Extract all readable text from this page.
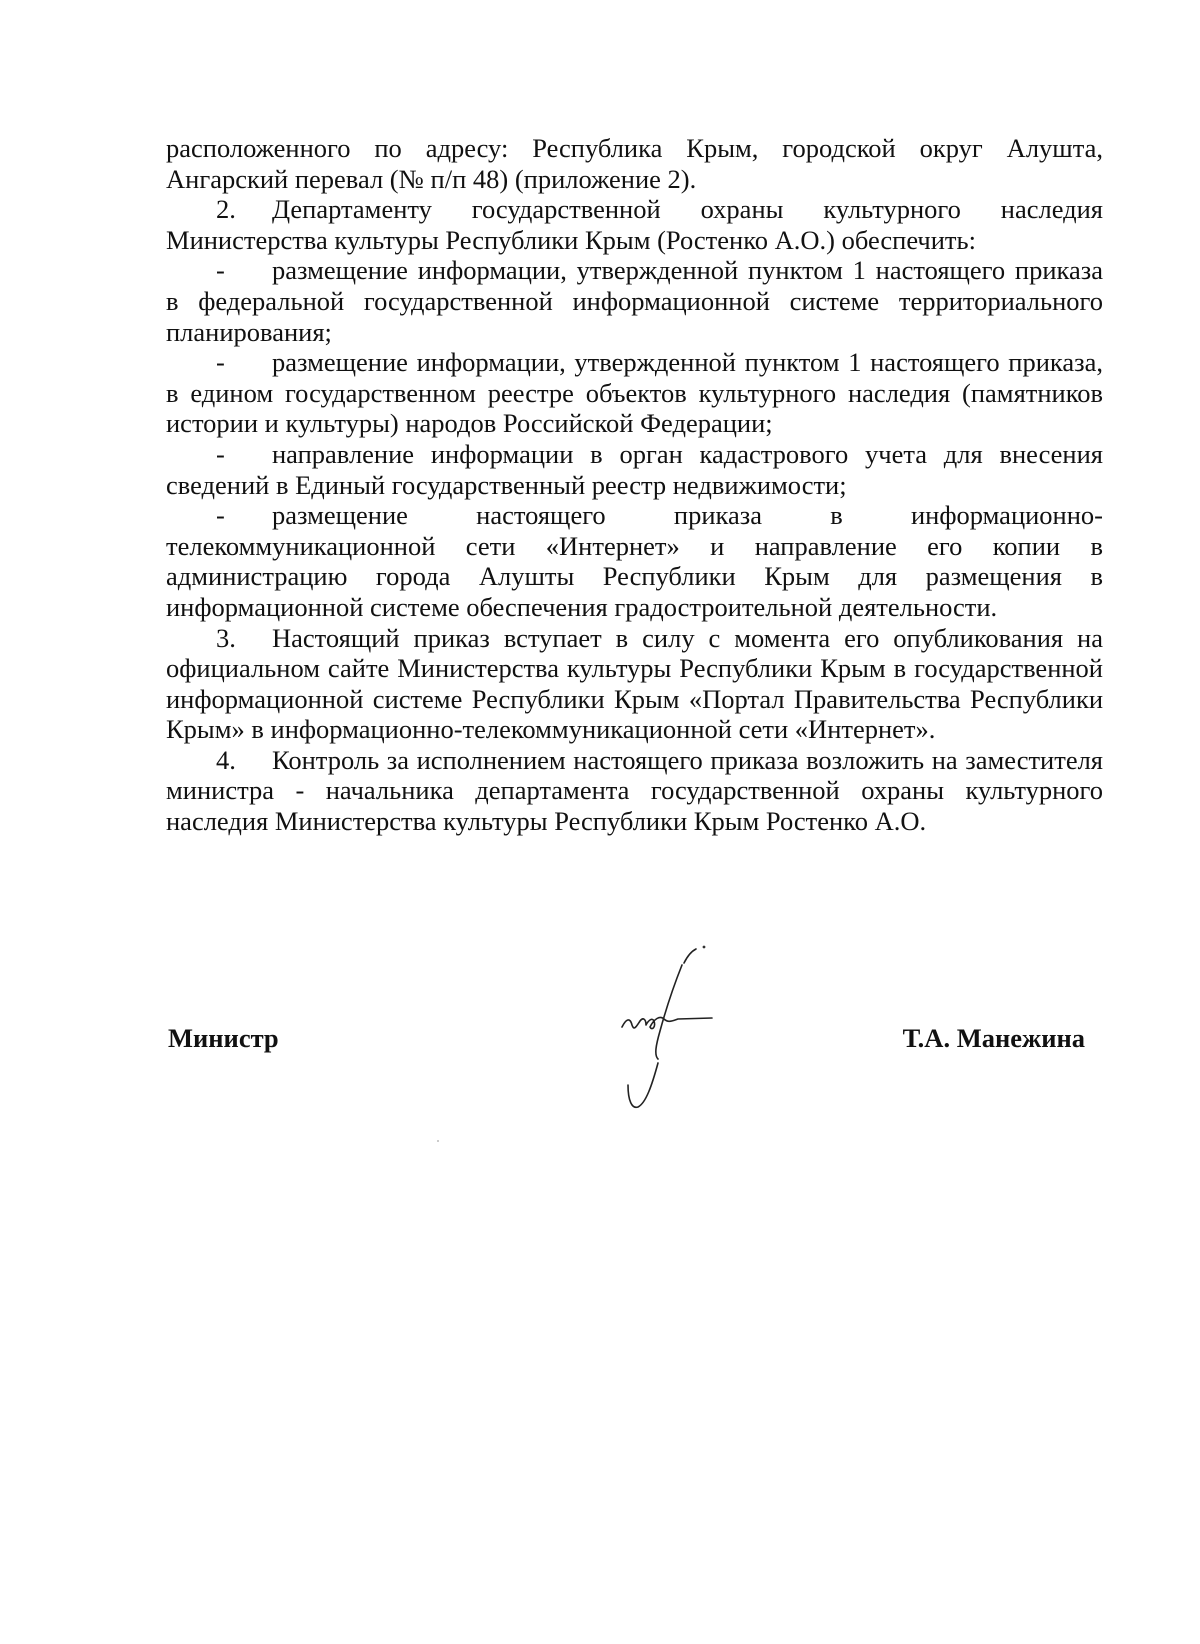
расположенного по адресу: Республика Крым, городской округ Алушта, Ангарский перевал (№ п/п 48) (приложение 2).

2. Департаменту государственной охраны культурного наследия Министерства культуры Республики Крым (Ростенко А.О.) обеспечить:

- размещение информации, утвержденной пунктом 1 настоящего приказа в федеральной государственной информационной системе территориального планирования;

- размещение информации, утвержденной пунктом 1 настоящего приказа, в едином государственном реестре объектов культурного наследия (памятников истории и культуры) народов Российской Федерации;

- направление информации в орган кадастрового учета для внесения сведений в Единый государственный реестр недвижимости;

- размещение настоящего приказа в информационно-телекоммуникационной сети «Интернет» и направление его копии в администрацию города Алушты Республики Крым для размещения в информационной системе обеспечения градостроительной деятельности.

3. Настоящий приказ вступает в силу с момента его опубликования на официальном сайте Министерства культуры Республики Крым в государственной информационной системе Республики Крым «Портал Правительства Республики Крым» в информационно-телекоммуникационной сети «Интернет».

4. Контроль за исполнением настоящего приказа возложить на заместителя министра - начальника департамента государственной охраны культурного наследия Министерства культуры Республики Крым Ростенко А.О.

Министр	Т.А. Манежина
